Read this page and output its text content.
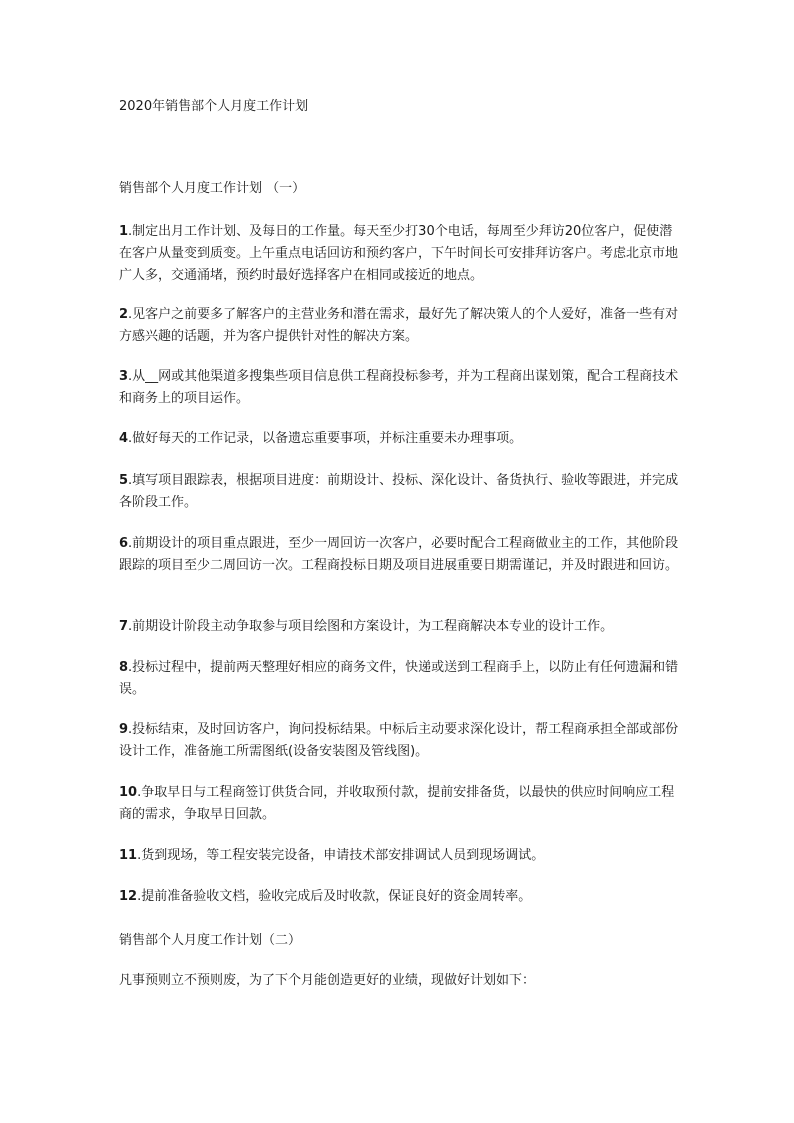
2020年销售部个人月度工作计划
销售部个人月度工作计划 （一）
1.制定出月工作计划、及每日的工作量。每天至少打30个电话，每周至少拜访20位客户，促使潜在客户从量变到质变。上午重点电话回访和预约客户，下午时间长可安排拜访客户。考虑北京市地广人多，交通涌堵，预约时最好选择客户在相同或接近的地点。
2.见客户之前要多了解客户的主营业务和潜在需求，最好先了解决策人的个人爱好，准备一些有对方感兴趣的话题，并为客户提供针对性的解决方案。
3.从__网或其他渠道多搜集些项目信息供工程商投标参考，并为工程商出谋划策，配合工程商技术和商务上的项目运作。
4.做好每天的工作记录，以备遗忘重要事项，并标注重要未办理事项。
5.填写项目跟踪表，根据项目进度：前期设计、投标、深化设计、备货执行、验收等跟进，并完成各阶段工作。
6.前期设计的项目重点跟进，至少一周回访一次客户，必要时配合工程商做业主的工作，其他阶段跟踪的项目至少二周回访一次。工程商投标日期及项目进展重要日期需谨记，并及时跟进和回访。
7.前期设计阶段主动争取参与项目绘图和方案设计，为工程商解决本专业的设计工作。
8.投标过程中，提前两天整理好相应的商务文件，快递或送到工程商手上，以防止有任何遗漏和错误。
9.投标结束，及时回访客户，询问投标结果。中标后主动要求深化设计，帮工程商承担全部或部份设计工作，准备施工所需图纸(设备安装图及管线图)。
10.争取早日与工程商签订供货合同，并收取预付款，提前安排备货，以最快的供应时间响应工程商的需求，争取早日回款。
11.货到现场，等工程安装完设备，申请技术部安排调试人员到现场调试。
12.提前准备验收文档，验收完成后及时收款，保证良好的资金周转率。
销售部个人月度工作计划（二）
凡事预则立不预则废，为了下个月能创造更好的业绩，现做好计划如下：
